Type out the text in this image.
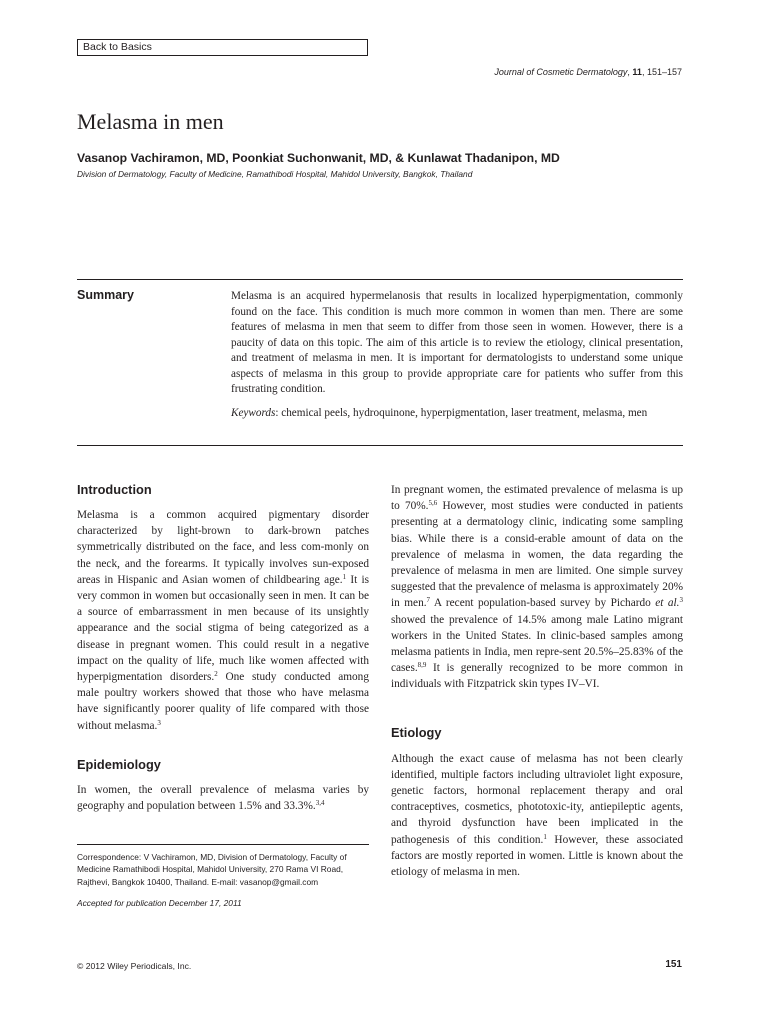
Back to Basics
Journal of Cosmetic Dermatology, 11, 151–157
Melasma in men
Vasanop Vachiramon, MD, Poonkiat Suchonwanit, MD, & Kunlawat Thadanipon, MD
Division of Dermatology, Faculty of Medicine, Ramathibodi Hospital, Mahidol University, Bangkok, Thailand
Summary	Melasma is an acquired hypermelanosis that results in localized hyperpigmentation, commonly found on the face. This condition is much more common in women than men. There are some features of melasma in men that seem to differ from those seen in women. However, there is a paucity of data on this topic. The aim of this article is to review the etiology, clinical presentation, and treatment of melasma in men. It is important for dermatologists to understand some unique aspects of melasma in this group to provide appropriate care for patients who suffer from this frustrating condition.

Keywords: chemical peels, hydroquinone, hyperpigmentation, laser treatment, melasma, men

Introduction

Melasma is a common acquired pigmentary disorder characterized by light-brown to dark-brown patches symmetrically distributed on the face, and less com-monly on the neck, and the forearms. It typically involves sun-exposed areas in Hispanic and Asian women of childbearing age.$^1$ It is very common in women but occasionally seen in men. It can be a source of embarrassment in men because of its unsightly appearance and the social stigma of being categorized as a disease in pregnant women. This could result in a negative impact on the quality of life, much like women affected with hyperpigmentation disorders.$^2$ One study conducted among male poultry workers showed that those who have melasma have significantly poorer quality of life compared with those without melasma.$^3$

Epidemiology

In women, the overall prevalence of melasma varies by geography and population between 1.5% and 33.3%.$^{3,4}$

Correspondence: V Vachiramon, MD, Division of Dermatology, Faculty of Medicine Ramathibodi Hospital, Mahidol University, 270 Rama VI Road, Rajthevi, Bangkok 10400, Thailand. E-mail: vasanop@gmail.com

Accepted for publication December 17, 2011

In pregnant women, the estimated prevalence of melasma is up to 70%.$^{5,6}$ However, most studies were conducted in patients presenting at a dermatology clinic, indicating some sampling bias. While there is a consid-erable amount of data on the prevalence of melasma in women, the data regarding the prevalence of melasma in men are limited. One simple survey suggested that the prevalence of melasma is approximately 20% in men.$^7$ A recent population-based survey by Pichardo et al.$^3$ showed the prevalence of 14.5% among male Latino migrant workers in the United States. In clinic-based samples among melasma patients in India, men repre-sent 20.5%–25.83% of the cases.$^{8,9}$ It is generally recognized to be more common in individuals with Fitzpatrick skin types IV–VI.

Etiology

Although the exact cause of melasma has not been clearly identified, multiple factors including ultraviolet light exposure, genetic factors, hormonal replacement therapy and oral contraceptives, cosmetics, phototoxic-ity, antiepileptic agents, and thyroid dysfunction have been implicated in the pathogenesis of this condition.$^1$ However, these associated factors are mostly reported in women. Little is known about the etiology of melasma in men.

© 2012 Wiley Periodicals, Inc.	151
